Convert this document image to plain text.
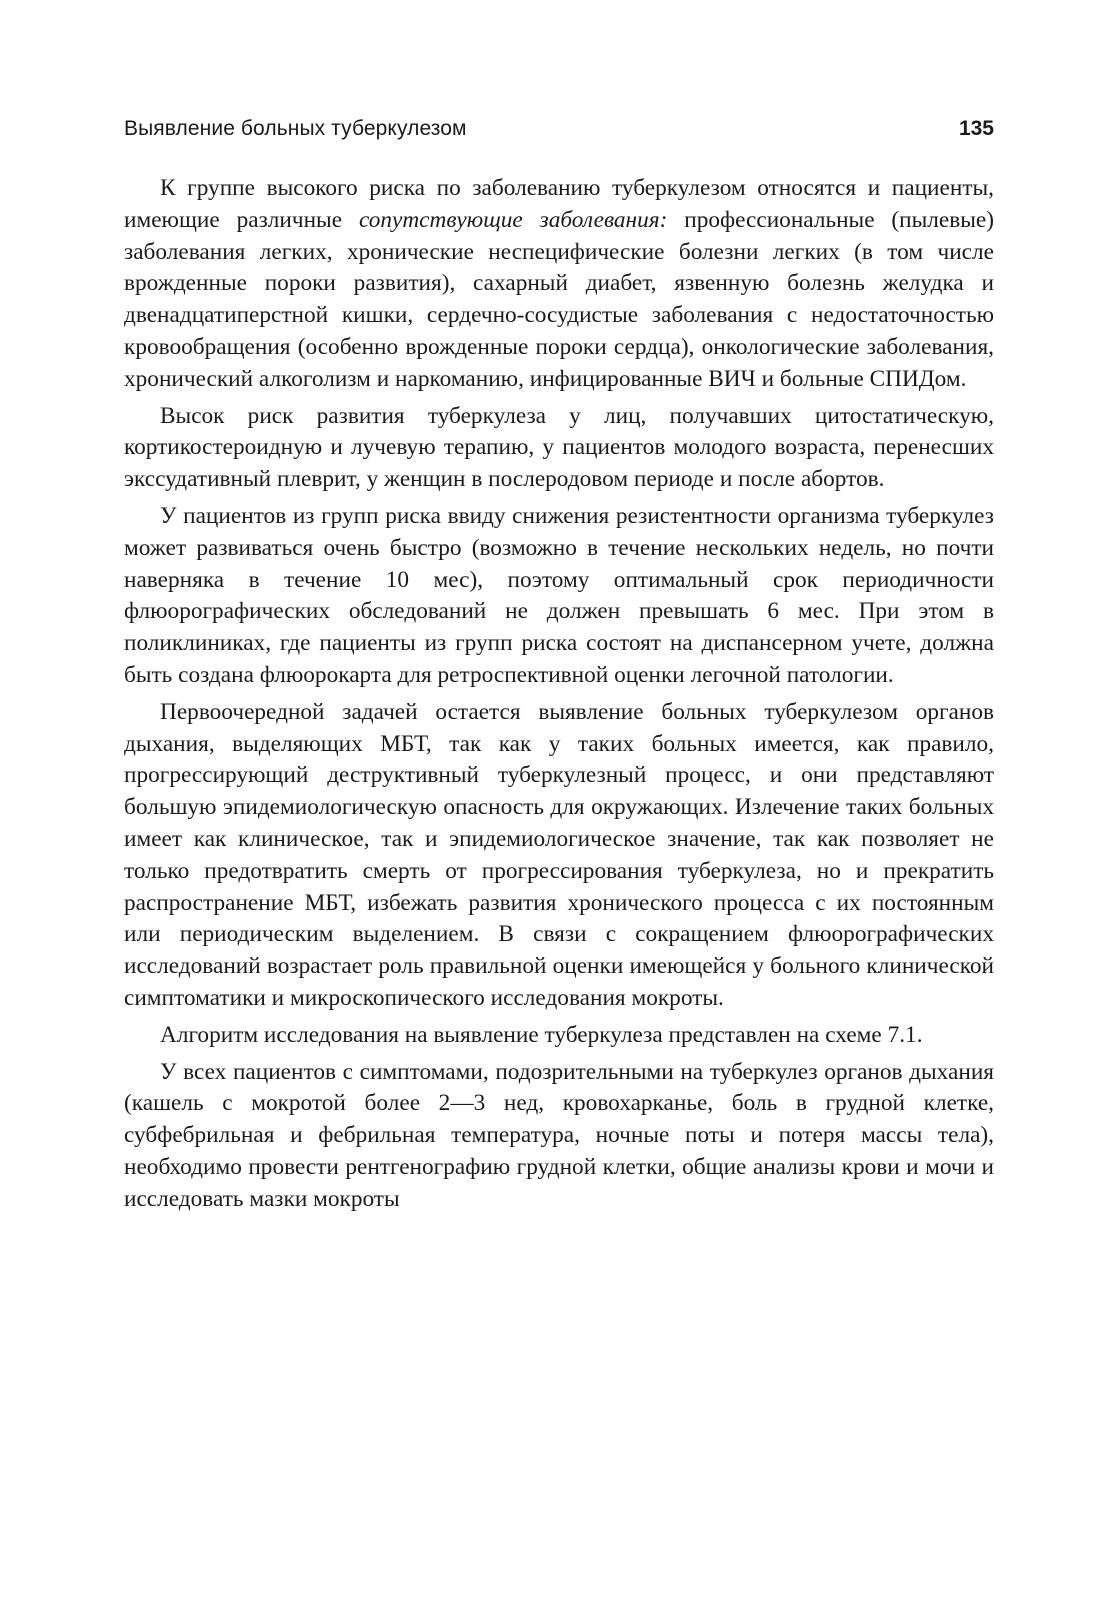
Выявление больных туберкулезом	135

К группе высокого риска по заболеванию туберкулезом относятся и пациенты, имеющие различные сопутствующие заболевания: профессиональные (пылевые) заболевания легких, хронические неспецифические болезни легких (в том числе врожденные пороки развития), сахарный диабет, язвенную болезнь желудка и двенадцатиперстной кишки, сердечно-сосудистые заболевания с недостаточностью кровообращения (особенно врожденные пороки сердца), онкологические заболевания, хронический алкоголизм и наркоманию, инфицированные ВИЧ и больные СПИДом.

Высок риск развития туберкулеза у лиц, получавших цитостатическую, кортикостероидную и лучевую терапию, у пациентов молодого возраста, перенесших экссудативный плеврит, у женщин в послеродовом периоде и после абортов.

У пациентов из групп риска ввиду снижения резистентности организма туберкулез может развиваться очень быстро (возможно в течение нескольких недель, но почти наверняка в течение 10 мес), поэтому оптимальный срок периодичности флюорографических обследований не должен превышать 6 мес. При этом в поликлиниках, где пациенты из групп риска состоят на диспансерном учете, должна быть создана флюорокарта для ретроспективной оценки легочной патологии.

Первоочередной задачей остается выявление больных туберкулезом органов дыхания, выделяющих МБТ, так как у таких больных имеется, как правило, прогрессирующий деструктивный туберкулезный процесс, и они представляют большую эпидемиологическую опасность для окружающих. Излечение таких больных имеет как клиническое, так и эпидемиологическое значение, так как позволяет не только предотвратить смерть от прогрессирования туберкулеза, но и прекратить распространение МБТ, избежать развития хронического процесса с их постоянным или периодическим выделением. В связи с сокращением флюорографических исследований возрастает роль правильной оценки имеющейся у больного клинической симптоматики и микроскопического исследования мокроты.

Алгоритм исследования на выявление туберкулеза представлен на схеме 7.1.

У всех пациентов с симптомами, подозрительными на туберкулез органов дыхания (кашель с мокротой более 2—3 нед, кровохарканье, боль в грудной клетке, субфебрильная и фебрильная температура, ночные поты и потеря массы тела), необходимо провести рентгенографию грудной клетки, общие анализы крови и мочи и исследовать мазки мокроты
